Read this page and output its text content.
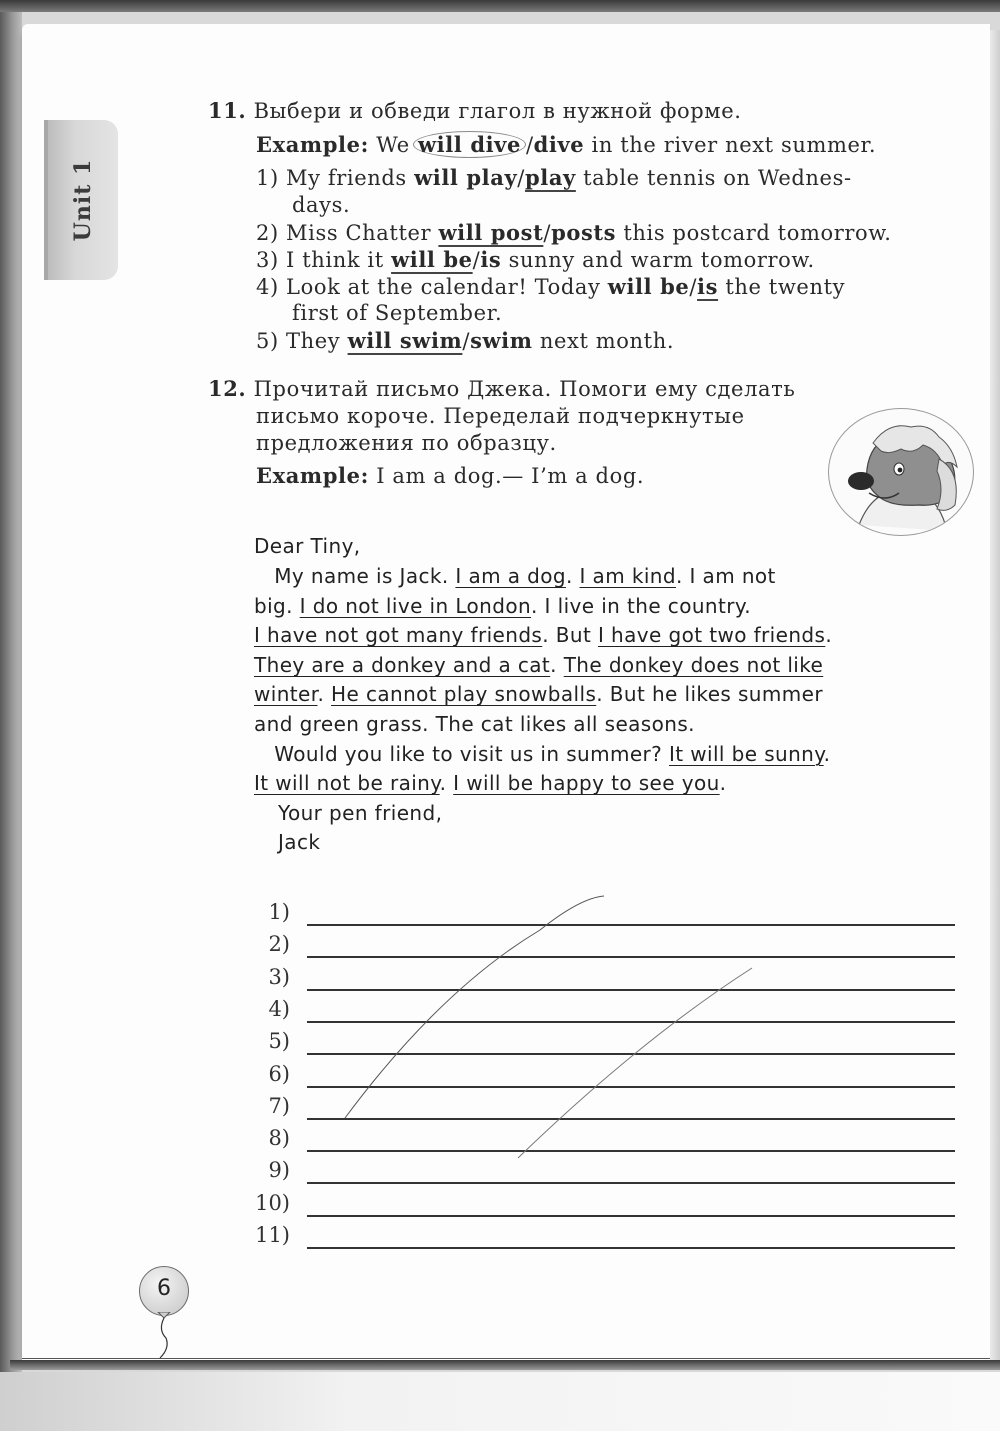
Unit 1
11. Выбери и обведи глагол в нужной форме.
Example: We will dive /dive in the river next summer.
1) My friends will play/play table tennis on Wednes-
days.
2) Miss Chatter will post/posts this postcard tomorrow.
3) I think it will be/is sunny and warm tomorrow.
4) Look at the calendar! Today will be/is the twenty
first of September.
5) They will swim/swim next month.
12. Прочитай письмо Джека. Помоги ему сделать
письмо короче. Переделай подчеркнутые
предложения по образцу.
Example: I am a dog.— I’m a dog.
Dear Tiny,
My name is Jack. I am a dog. I am kind. I am not
big. I do not live in London. I live in the country.
I have not got many friends. But I have got two friends.
They are a donkey and a cat. The donkey does not like
winter. He cannot play snowballs. But he likes summer
and green grass. The cat likes all seasons.
Would you like to visit us in summer? It will be sunny.
It will not be rainy. I will be happy to see you.
Your pen friend,
Jack
1)
2)
3)
4)
5)
6)
7)
8)
9)
10)
11)
6
